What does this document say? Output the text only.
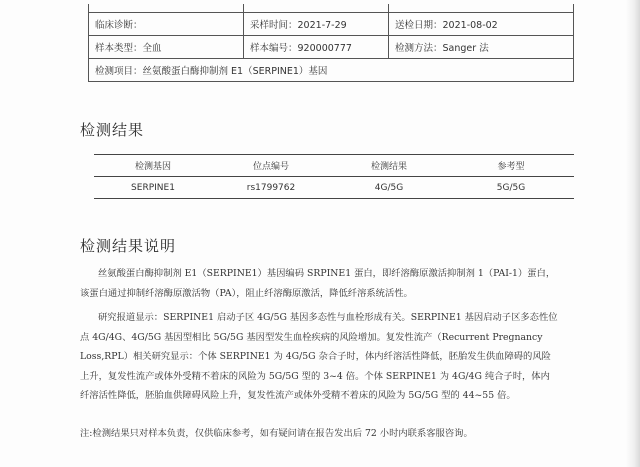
临床诊断：	采样时间：2021-7-29	送检日期：2021-08-02
样本类型：全血	样本编号：920000777	检测方法：Sanger 法
检测项目：丝氨酸蛋白酶抑制剂 E1（SERPINE1）基因		
检测结果
检测基因	位点编号	检测结果	参考型
SERPINE1	rs1799762	4G/5G	5G/5G
检测结果说明

丝氨酸蛋白酶抑制剂 E1（SERPINE1）基因编码 SRPINE1 蛋白，即纤溶酶原激活抑制剂 1（PAI-1）蛋白，
该蛋白通过抑制纤溶酶原激活物（PA），阻止纤溶酶原激活，降低纤溶系统活性。

研究报道显示：SERPINE1 启动子区 4G/5G 基因多态性与血栓形成有关。SERPINE1 基因启动子区多态性位
点 4G/4G、4G/5G 基因型相比 5G/5G 基因型发生血栓疾病的风险增加。复发性流产（Recurrent Pregnancy
Loss,RPL）相关研究显示：个体 SERPINE1 为 4G/5G 杂合子时，体内纤溶活性降低，胚胎发生供血障碍的风险
上升，复发性流产或体外受精不着床的风险为 5G/5G 型的 3~4 倍。个体 SERPINE1 为 4G/4G 纯合子时，体内
纤溶活性降低，胚胎血供障碍风险上升，复发性流产或体外受精不着床的风险为 5G/5G 型的 44~55 倍。

注:检测结果只对样本负责，仅供临床参考，如有疑问请在报告发出后 72 小时内联系客服咨询。
